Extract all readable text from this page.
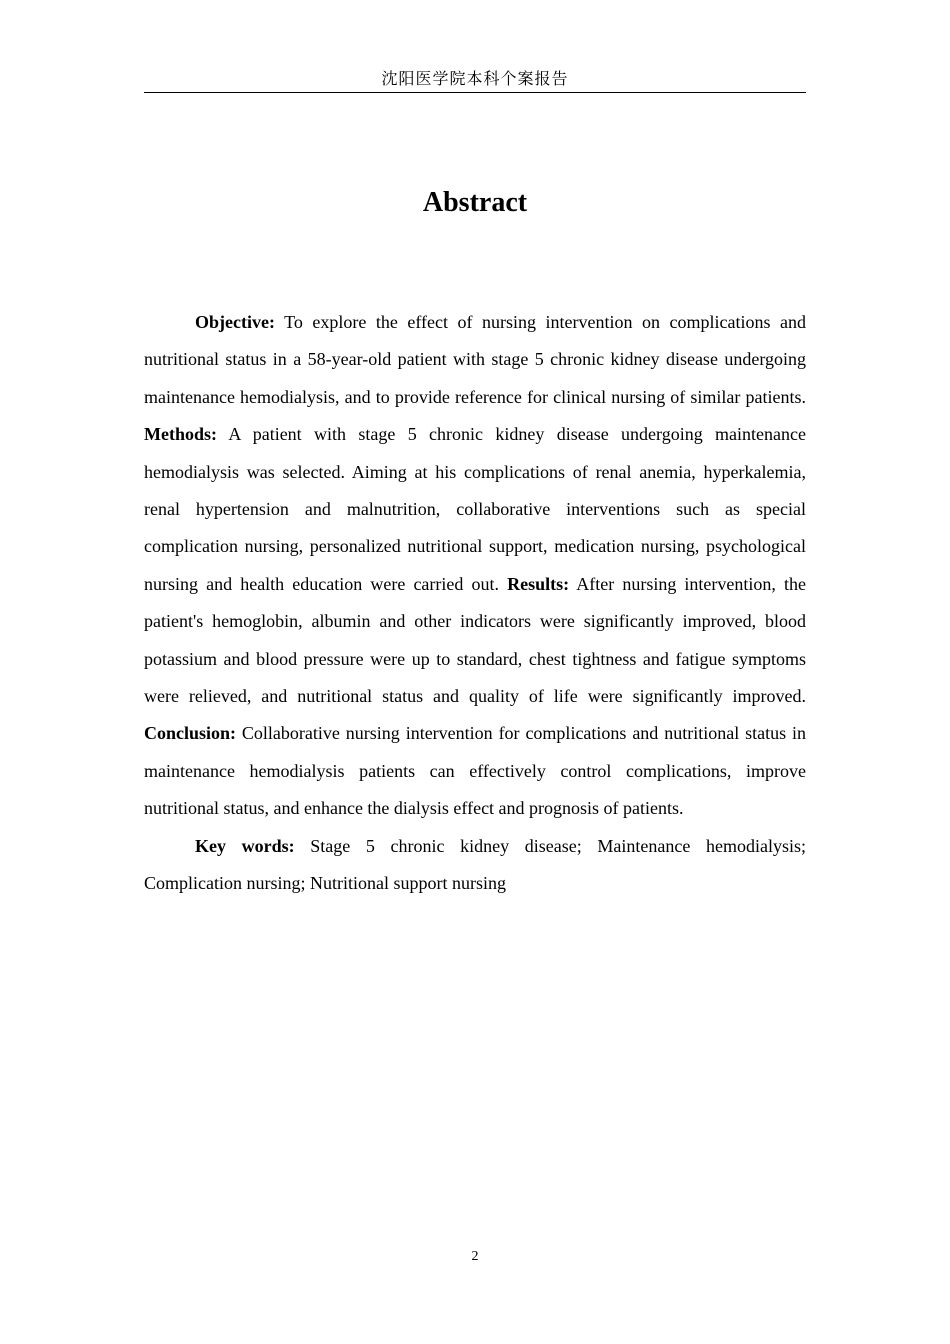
沈阳医学院本科个案报告
Abstract

Objective: To explore the effect of nursing intervention on complications and nutritional status in a 58-year-old patient with stage 5 chronic kidney disease undergoing maintenance hemodialysis, and to provide reference for clinical nursing of similar patients. Methods: A patient with stage 5 chronic kidney disease undergoing maintenance hemodialysis was selected. Aiming at his complications of renal anemia, hyperkalemia, renal hypertension and malnutrition, collaborative interventions such as special complication nursing, personalized nutritional support, medication nursing, psychological nursing and health education were carried out. Results: After nursing intervention, the patient's hemoglobin, albumin and other indicators were significantly improved, blood potassium and blood pressure were up to standard, chest tightness and fatigue symptoms were relieved, and nutritional status and quality of life were significantly improved. Conclusion: Collaborative nursing intervention for complications and nutritional status in maintenance hemodialysis patients can effectively control complications, improve nutritional status, and enhance the dialysis effect and prognosis of patients.

Key words: Stage 5 chronic kidney disease; Maintenance hemodialysis; Complication nursing; Nutritional support nursing

2
